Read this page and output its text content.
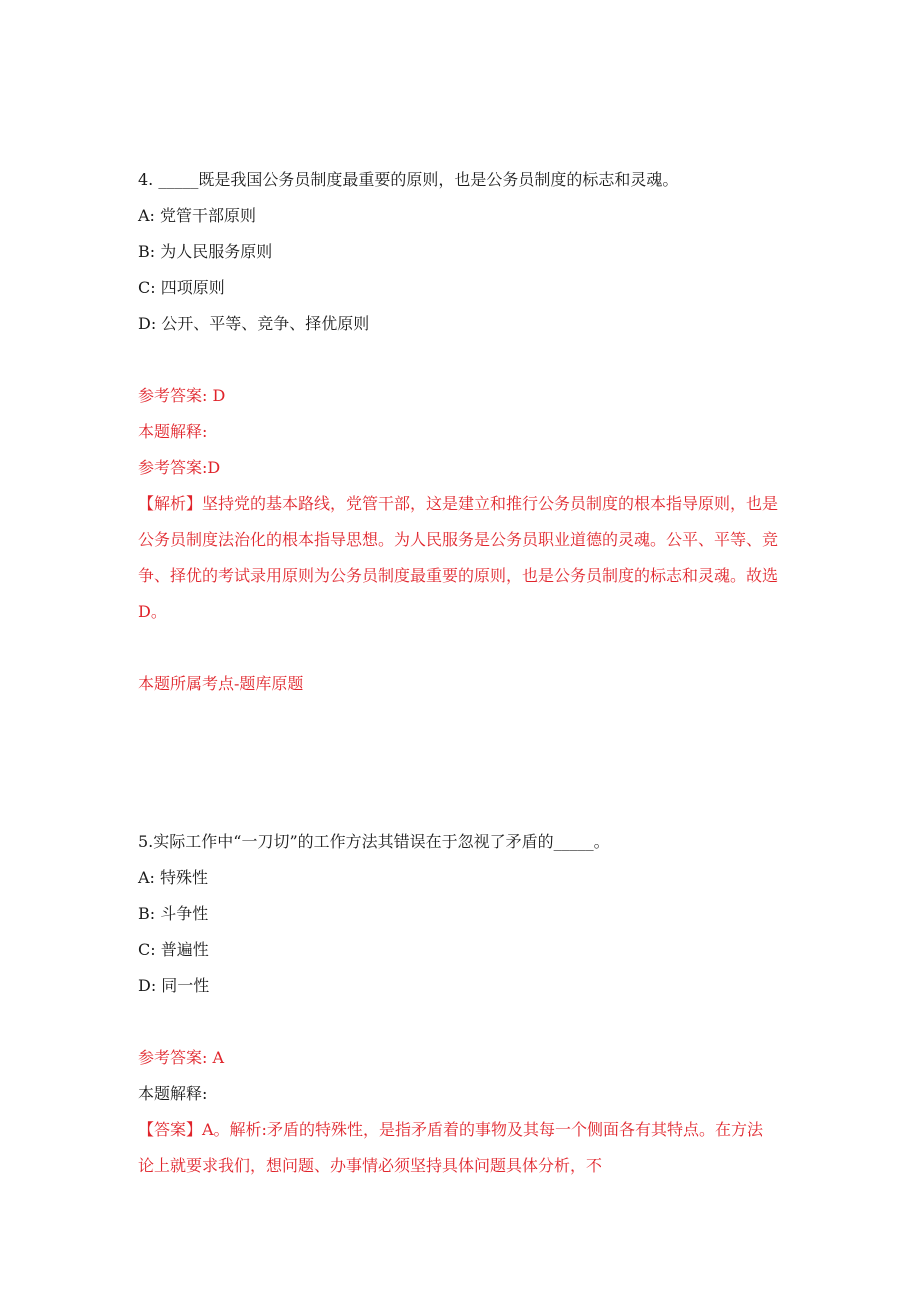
4. _____既是我国公务员制度最重要的原则，也是公务员制度的标志和灵魂。
A: 党管干部原则
B: 为人民服务原则
C: 四项原则
D: 公开、平等、竞争、择优原则
参考答案: D
本题解释:
参考答案:D
【解析】坚持党的基本路线，党管干部，这是建立和推行公务员制度的根本指导原则，也是公务员制度法治化的根本指导思想。为人民服务是公务员职业道德的灵魂。公平、平等、竞争、择优的考试录用原则为公务员制度最重要的原则，也是公务员制度的标志和灵魂。故选 D。
本题所属考点-题库原题
5.实际工作中“一刀切”的工作方法其错误在于忽视了矛盾的_____。
A: 特殊性
B: 斗争性
C: 普遍性
D: 同一性
参考答案: A
本题解释:
【答案】A。解析:矛盾的特殊性，是指矛盾着的事物及其每一个侧面各有其特点。在方法论上就要求我们，想问题、办事情必须坚持具体问题具体分析，不
